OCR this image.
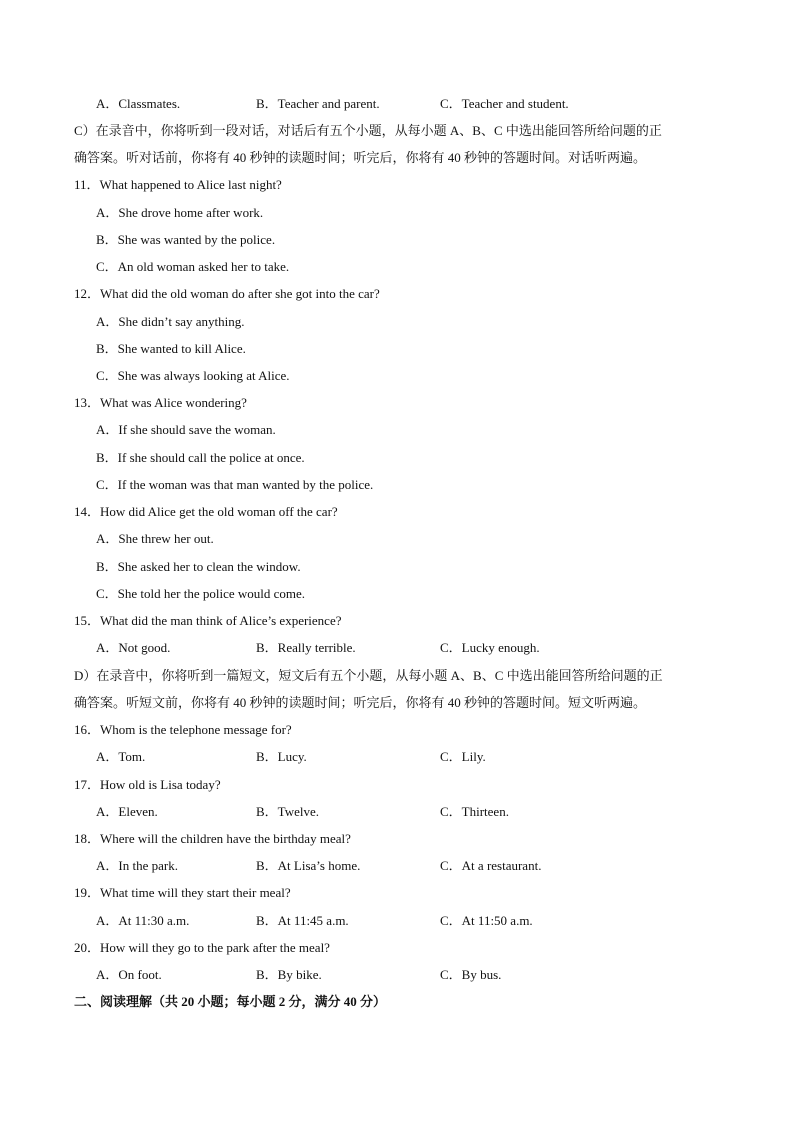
A．Classmates.	B．Teacher and parent.	C．Teacher and student.
C）在录音中，你将听到一段对话，对话后有五个小题，从每小题 A、B、C 中选出能回答所给问题的正
确答案。听对话前，你将有 40 秒钟的读题时间；听完后，你将有 40 秒钟的答题时间。对话听两遍。
11．What happened to Alice last night?
A．She drove home after work.
B．She was wanted by the police.
C．An old woman asked her to take.
12．What did the old woman do after she got into the car?
A．She didn’t say anything.
B．She wanted to kill Alice.
C．She was always looking at Alice.
13．What was Alice wondering?
A．If she should save the woman.
B．If she should call the police at once.
C．If the woman was that man wanted by the police.
14．How did Alice get the old woman off the car?
A．She threw her out.
B．She asked her to clean the window.
C．She told her the police would come.
15．What did the man think of Alice’s experience?
A．Not good.	B．Really terrible.	C．Lucky enough.
D）在录音中，你将听到一篇短文，短文后有五个小题，从每小题 A、B、C 中选出能回答所给问题的正
确答案。听短文前，你将有 40 秒钟的读题时间；听完后，你将有 40 秒钟的答题时间。短文听两遍。
16．Whom is the telephone message for?
A．Tom.	B．Lucy.	C．Lily.
17．How old is Lisa today?
A．Eleven.	B．Twelve.	C．Thirteen.
18．Where will the children have the birthday meal?
A．In the park.	B．At Lisa’s home.	C．At a restaurant.
19．What time will they start their meal?
A．At 11:30 a.m.	B．At 11:45 a.m.	C．At 11:50 a.m.
20．How will they go to the park after the meal?
A．On foot.	B．By bike.	C．By bus.
二、阅读理解（共 20 小题；每小题 2 分，满分 40 分）
